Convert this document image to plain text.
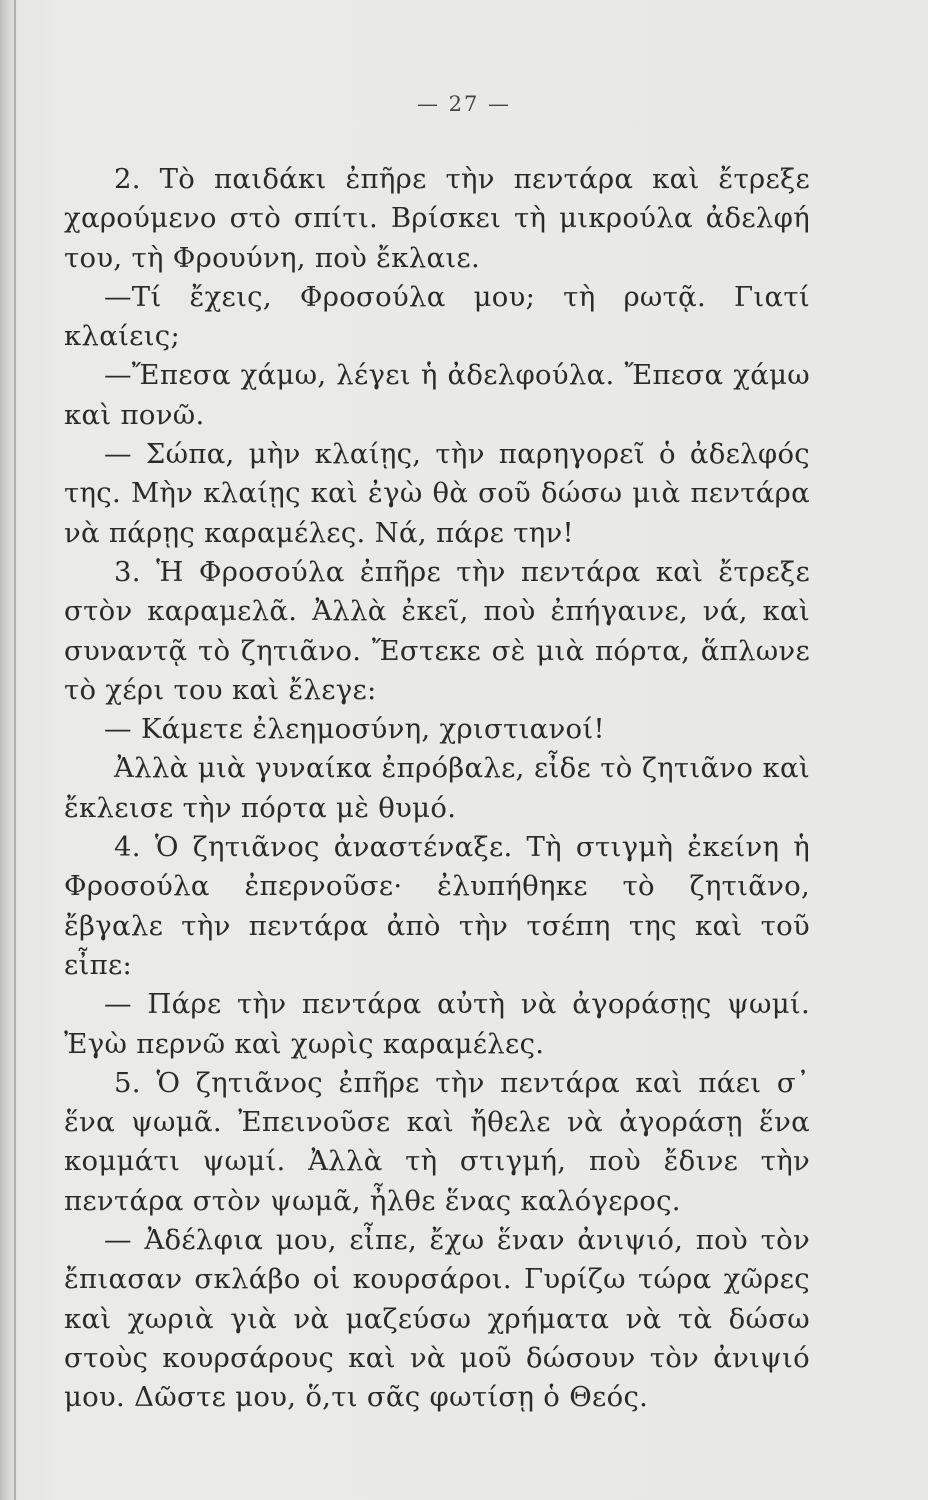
— 27 —

2. Τὸ παιδάκι ἐπῆρε τὴν πεντάρα καὶ ἔτρεξε χαρούμενο στὸ σπίτι. Βρίσκει τὴ μικρούλα ἀδελφή του, τὴ Φρουύνη, ποὺ ἔκλαιε.

—Τί ἔχεις, Φροσούλα μου; τὴ ρωτᾷ. Γιατί κλαίεις;

—Ἔπεσα χάμω, λέγει ἡ ἀδελφούλα. Ἔπεσα χάμω καὶ πονῶ.

— Σώπα, μὴν κλαίῃς, τὴν παρηγορεῖ ὁ ἀδελφός της. Μὴν κλαίῃς καὶ ἐγὼ θὰ σοῦ δώσω μιὰ πεντάρα νὰ πάρῃς καραμέλες. Νά, πάρε την!

3. Ἡ Φροσούλα ἐπῆρε τὴν πεντάρα καὶ ἔτρεξε στὸν καραμελᾶ. Ἀλλὰ ἐκεῖ, ποὺ ἐπήγαινε, νά, καὶ συναντᾷ τὸ ζητιᾶνο. Ἔστεκε σὲ μιὰ πόρτα, ἅπλωνε τὸ χέρι του καὶ ἔλεγε:

— Κάμετε ἐλεημοσύνη, χριστιανοί!

Ἀλλὰ μιὰ γυναίκα ἐπρόβαλε, εἶδε τὸ ζητιᾶνο καὶ ἔκλεισε τὴν πόρτα μὲ θυμό.

4. Ὁ ζητιᾶνος ἀναστέναξε. Τὴ στιγμὴ ἐκείνη ἡ Φροσούλα ἐπερνοῦσε· ἐλυπήθηκε τὸ ζητιᾶνο, ἔβγαλε τὴν πεντάρα ἀπὸ τὴν τσέπη της καὶ τοῦ εἶπε:

— Πάρε τὴν πεντάρα αὐτὴ νὰ ἀγοράσῃς ψωμί. Ἐγὼ περνῶ καὶ χωρὶς καραμέλες.

5. Ὁ ζητιᾶνος ἐπῆρε τὴν πεντάρα καὶ πάει σ᾽ ἕνα ψωμᾶ. Ἐπεινοῦσε καὶ ἤθελε νὰ ἀγοράσῃ ἕνα κομμάτι ψωμί. Ἀλλὰ τὴ στιγμή, ποὺ ἔδινε τὴν πεντάρα στὸν ψωμᾶ, ἦλθε ἕνας καλόγερος.

— Ἀδέλφια μου, εἶπε, ἔχω ἕναν ἀνιψιό, ποὺ τὸν ἔπιασαν σκλάβο οἱ κουρσάροι. Γυρίζω τώρα χῶρες καὶ χωριὰ γιὰ νὰ μαζεύσω χρήματα νὰ τὰ δώσω στοὺς κουρσάρους καὶ νὰ μοῦ δώσουν τὸν ἀνιψιό μου. Δῶστε μου, ὅ,τι σᾶς φωτίσῃ ὁ Θεός.
